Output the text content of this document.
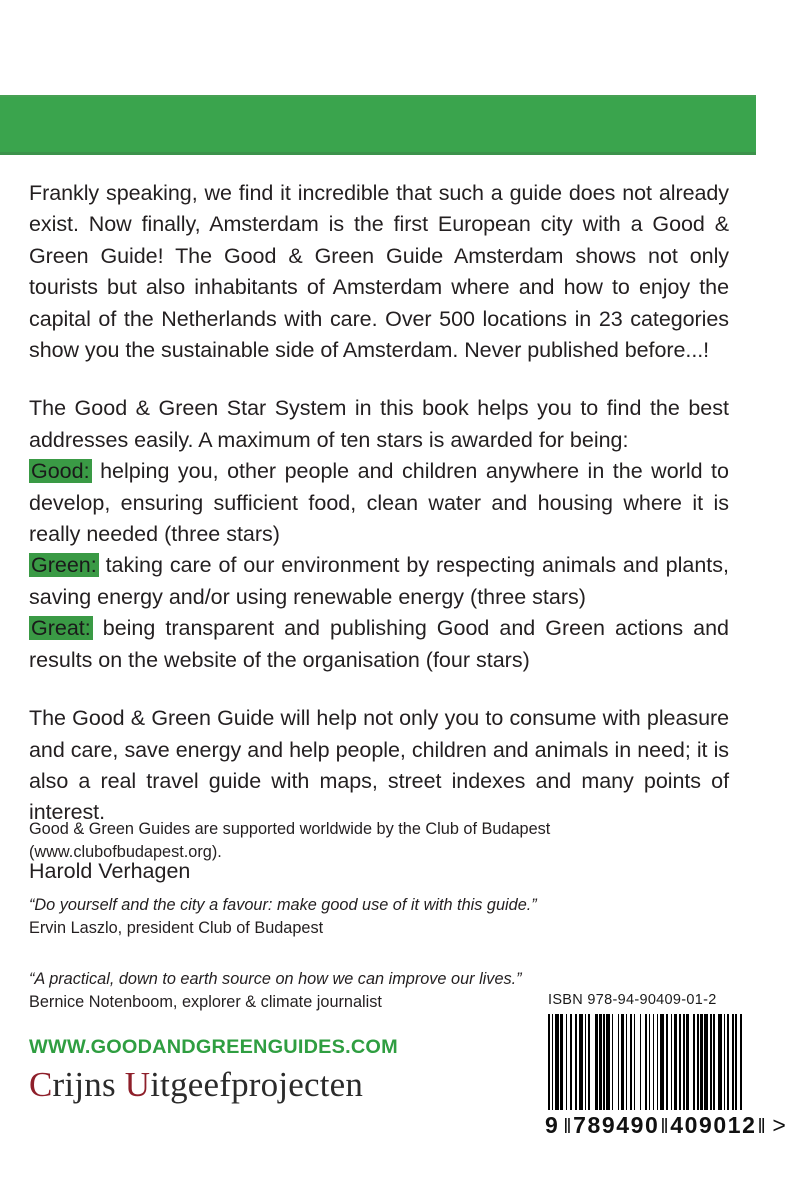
Frankly speaking, we find it incredible that such a guide does not already exist. Now finally, Amsterdam is the first European city with a Good & Green Guide! The Good & Green Guide Amsterdam shows not only tourists but also inhabitants of Amsterdam where and how to enjoy the capital of the Netherlands with care. Over 500 locations in 23 categories show you the sustainable side of Amsterdam. Never published before...!

The Good & Green Star System in this book helps you to find the best addresses easily. A maximum of ten stars is awarded for being:

Good: helping you, other people and children anywhere in the world to develop, ensuring sufficient food, clean water and housing where it is really needed (three stars)

Green: taking care of our environment by respecting animals and plants, saving energy and/or using renewable energy (three stars)

Great: being transparent and publishing Good and Green actions and results on the website of the organisation (four stars)

The Good & Green Guide will help not only you to consume with pleasure and care, save energy and help people, children and animals in need; it is also a real travel guide with maps, street indexes and many points of interest.

Harold Verhagen

Good & Green Guides are supported worldwide by the Club of Budapest (www.clubofbudapest.org).

“Do yourself and the city a favour: make good use of it with this guide.”

Ervin Laszlo, president Club of Budapest

“A practical, down to earth source on how we can improve our lives.”

Bernice Notenboom, explorer & climate journalist

WWW.GOODANDGREENGUIDES.COM
Crijns Uitgeefprojecten

ISBN 978-94-90409-01-2

9 ‖ 789490 ‖ 409012 ‖ >
